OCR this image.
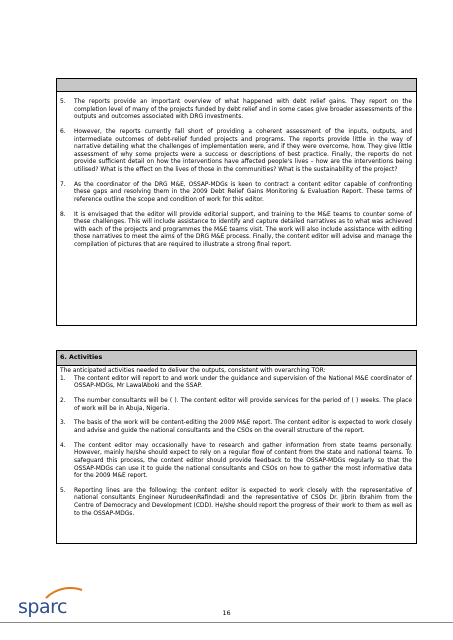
5.	The reports provide an important overview of what happened with debt relief gains. They report on the completion level of many of the projects funded by debt relief and in some cases give broader assessments of the outputs and outcomes associated with DRG investments.
6.	However, the reports currently fall short of providing a coherent assessment of the inputs, outputs, and intermediate outcomes of debt-relief funded projects and programs. The reports provide little in the way of narrative detailing what the challenges of implementation were, and if they were overcome, how. They give little assessment of why some projects were a success or descriptions of best practice. Finally, the reports do not provide sufficient detail on how the interventions have affected people's lives – how are the interventions being utilised? What is the effect on the lives of those in the communities? What is the sustainability of the project?
7.	As the coordinator of the DRG M&E, OSSAP-MDGs is keen to contract a content editor capable of confronting these gaps and resolving them in the 2009 Debt Relief Gains Monitoring & Evaluation Report. These terms of reference outline the scope and condition of work for this editor.
8.	It is envisaged that the editor will provide editorial support, and training to the M&E teams to counter some of these challenges. This will include assistance to identify and capture detailed narratives as to what was achieved with each of the projects and programmes the M&E teams visit. The work will also include assistance with editing those narratives to meet the aims of the DRG M&E process. Finally, the content editor will advise and manage the compilation of pictures that are required to illustrate a strong final report.
6. Activities
The anticipated activities needed to deliver the outputs, consistent with overarching TOR:
1.	The content editor will report to and work under the guidance and supervision of the National M&E coordinator of OSSAP-MDGs, Mr LawalAboki and the SSAP.
2.	The number consultants will be ( ). The content editor will provide services for the period of ( ) weeks. The place of work will be in Abuja, Nigeria.
3.	The basis of the work will be content-editing the 2009 M&E report. The content editor is expected to work closely and advise and guide the national consultants and the CSOs on the overall structure of the report.
4.	The content editor may occasionally have to research and gather information from state teams personally. However, mainly he/she should expect to rely on a regular flow of content from the state and national teams. To safeguard this process, the content editor should provide feedback to the OSSAP-MDGs regularly so that the OSSAP-MDGs can use it to guide the national consultants and CSOs on how to gather the most informative data for the 2009 M&E report.
5.	Reporting lines are the following: the content editor is expected to work closely with the representative of national consultants Engineer NurudeenRafindadi and the representative of CSOs Dr. Jibrin Ibrahim from the Centre of Democracy and Development (CDD). He/she should report the progress of their work to them as well as to the OSSAP-MDGs.
sparc	16
